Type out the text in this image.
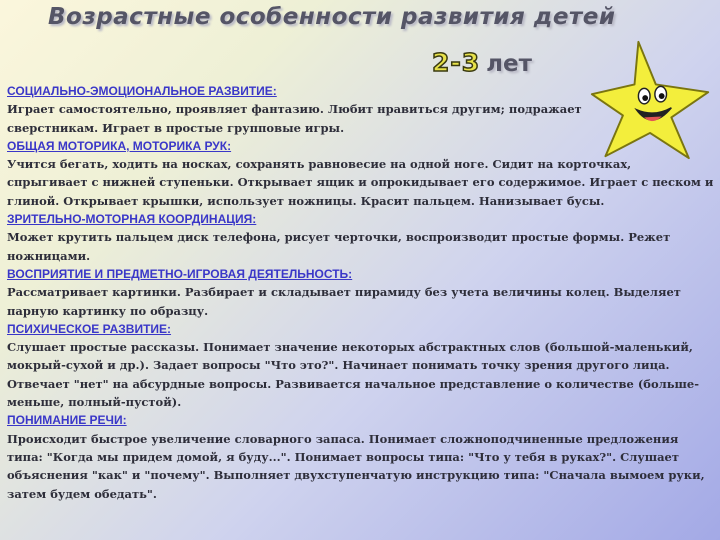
Возрастные особенности развития детей
2-3 лет
СОЦИАЛЬНО-ЭМОЦИОНАЛЬНОЕ РАЗВИТИЕ:

Играет самостоятельно, проявляет фантазию. Любит нравиться другим; подражает сверстникам. Играет в простые групповые игры.

ОБЩАЯ МОТОРИКА, МОТОРИКА РУК:

Учится бегать, ходить на носках, сохранять равновесие на одной ноге. Сидит на корточках, спрыгивает с нижней ступеньки. Открывает ящик и опрокидывает его содержимое. Играет с песком и глиной. Открывает крышки, использует ножницы. Красит пальцем. Нанизывает бусы.

ЗРИТЕЛЬНО-МОТОРНАЯ КООРДИНАЦИЯ:

Может крутить пальцем диск телефона, рисует черточки, воспроизводит простые формы. Режет ножницами.

ВОСПРИЯТИЕ И ПРЕДМЕТНО-ИГРОВАЯ ДЕЯТЕЛЬНОСТЬ:

Рассматривает картинки. Разбирает и складывает пирамиду без учета величины колец. Выделяет парную картинку по образцу.

ПСИХИЧЕСКОЕ РАЗВИТИЕ:

Слушает простые рассказы. Понимает значение некоторых абстрактных слов (большой-маленький, мокрый-сухой и др.). Задает вопросы "Что это?". Начинает понимать точку зрения другого лица. Отвечает "нет" на абсурдные вопросы. Развивается начальное представление о количестве (больше-меньше, полный-пустой).

ПОНИМАНИЕ РЕЧИ:

Происходит быстрое увеличение словарного запаса. Понимает сложноподчиненные предложения типа: "Когда мы придем домой, я буду...". Понимает вопросы типа: "Что у тебя в руках?". Слушает объяснения "как" и "почему". Выполняет двухступенчатую инструкцию типа: "Сначала вымоем руки, затем будем обедать".
